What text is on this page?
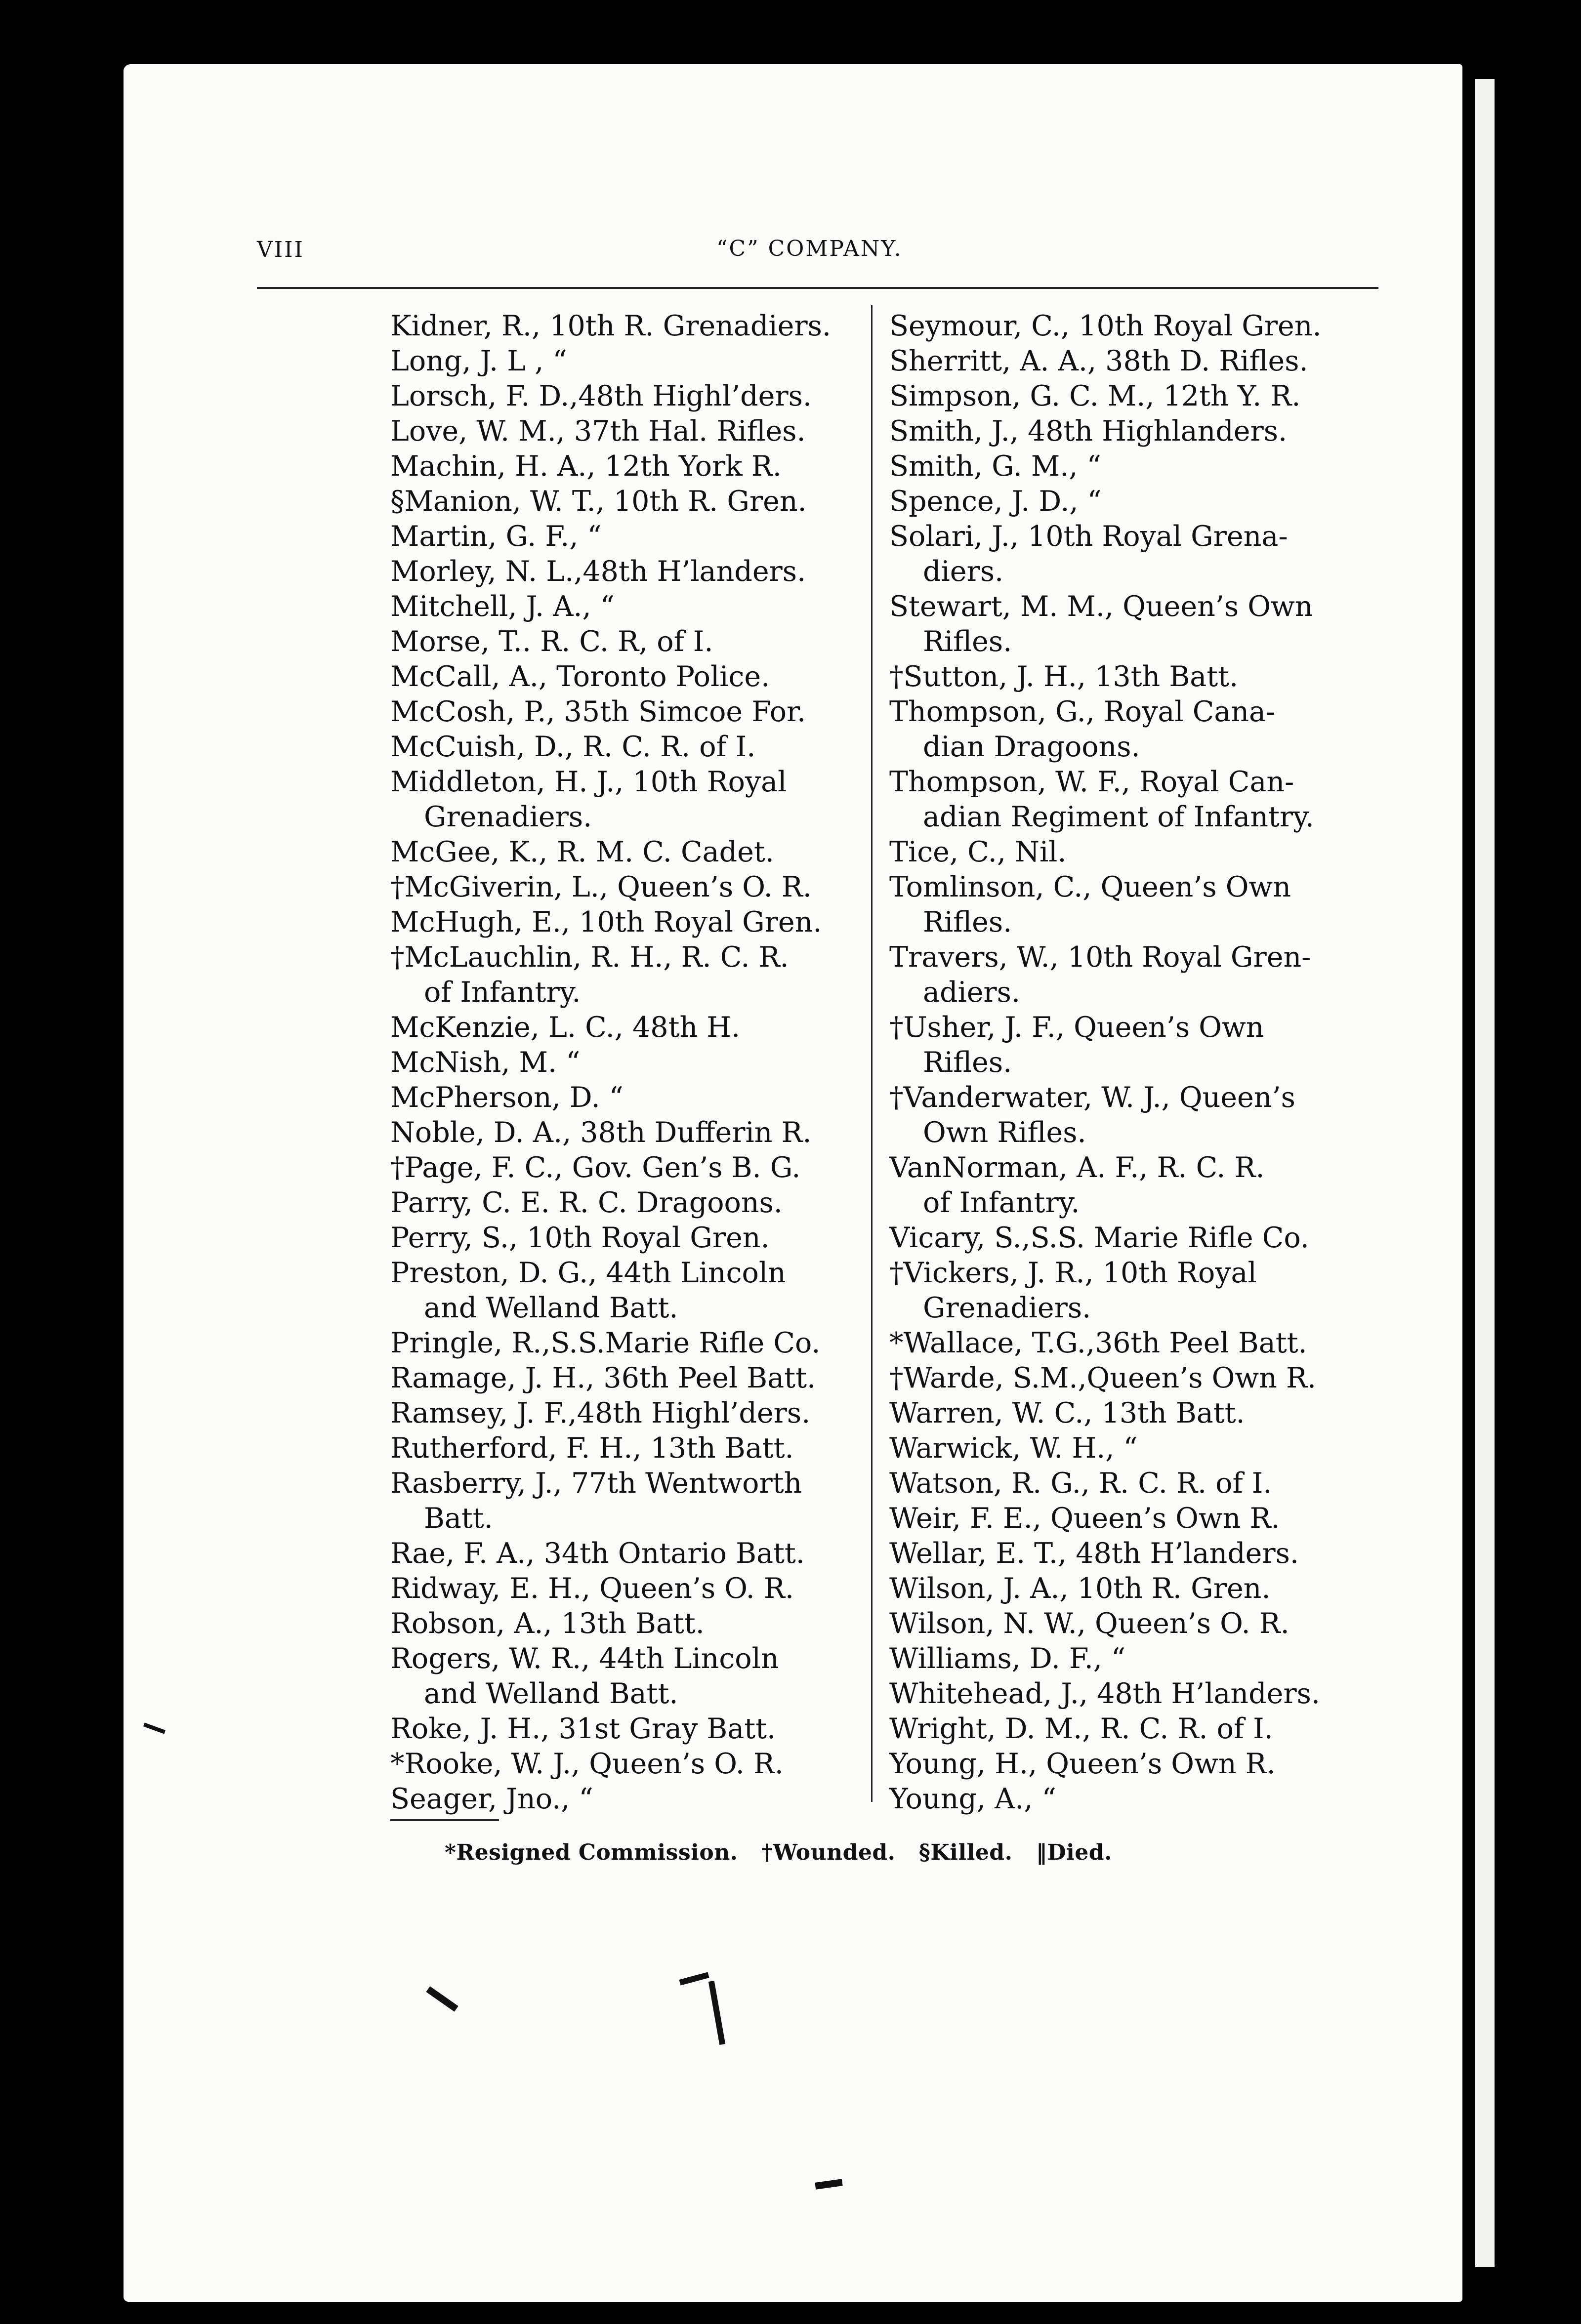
VIII	“C” COMPANY.
Kidner, R., 10th R. Grenadiers.
Long, J. L , “
Lorsch, F. D.,48th Highl’ders.
Love, W. M., 37th Hal. Rifles.
Machin, H. A., 12th York R.
§Manion, W. T., 10th R. Gren.
Martin, G. F., “
Morley, N. L.,48th H’landers.
Mitchell, J. A., “
Morse, T.. R. C. R, of I.
McCall, A., Toronto Police.
McCosh, P., 35th Simcoe For.
McCuish, D., R. C. R. of I.
Middleton, H. J., 10th Royal
Grenadiers.
McGee, K., R. M. C. Cadet.
†McGiverin, L., Queen’s O. R.
McHugh, E., 10th Royal Gren.
†McLauchlin, R. H., R. C. R.
of Infantry.
McKenzie, L. C., 48th H.
McNish, M. “
McPherson, D. “
Noble, D. A., 38th Dufferin R.
†Page, F. C., Gov. Gen’s B. G.
Parry, C. E. R. C. Dragoons.
Perry, S., 10th Royal Gren.
Preston, D. G., 44th Lincoln
and Welland Batt.
Pringle, R.,S.S.Marie Rifle Co.
Ramage, J. H., 36th Peel Batt.
Ramsey, J. F.,48th Highl’ders.
Rutherford, F. H., 13th Batt.
Rasberry, J., 77th Wentworth
Batt.
Rae, F. A., 34th Ontario Batt.
Ridway, E. H., Queen’s O. R.
Robson, A., 13th Batt.
Rogers, W. R., 44th Lincoln
and Welland Batt.
Roke, J. H., 31st Gray Batt.
*Rooke, W. J., Queen’s O. R.
Seager, Jno., “
Seymour, C., 10th Royal Gren.
Sherritt, A. A., 38th D. Rifles.
Simpson, G. C. M., 12th Y. R.
Smith, J., 48th Highlanders.
Smith, G. M., “
Spence, J. D., “
Solari, J., 10th Royal Grena-
diers.
Stewart, M. M., Queen’s Own
Rifles.
†Sutton, J. H., 13th Batt.
Thompson, G., Royal Cana-
dian Dragoons.
Thompson, W. F., Royal Can-
adian Regiment of Infantry.
Tice, C., Nil.
Tomlinson, C., Queen’s Own
Rifles.
Travers, W., 10th Royal Gren-
adiers.
†Usher, J. F., Queen’s Own
Rifles.
†Vanderwater, W. J., Queen’s
Own Rifles.
VanNorman, A. F., R. C. R.
of Infantry.
Vicary, S.,S.S. Marie Rifle Co.
†Vickers, J. R., 10th Royal
Grenadiers.
*Wallace, T.G.,36th Peel Batt.
†Warde, S.M.,Queen’s Own R.
Warren, W. C., 13th Batt.
Warwick, W. H., “
Watson, R. G., R. C. R. of I.
Weir, F. E., Queen’s Own R.
Wellar, E. T., 48th H’landers.
Wilson, J. A., 10th R. Gren.
Wilson, N. W., Queen’s O. R.
Williams, D. F., “
Whitehead, J., 48th H’landers.
Wright, D. M., R. C. R. of I.
Young, H., Queen’s Own R.
Young, A., “
*Resigned Commission.   †Wounded.   §Killed.   ‖Died.
